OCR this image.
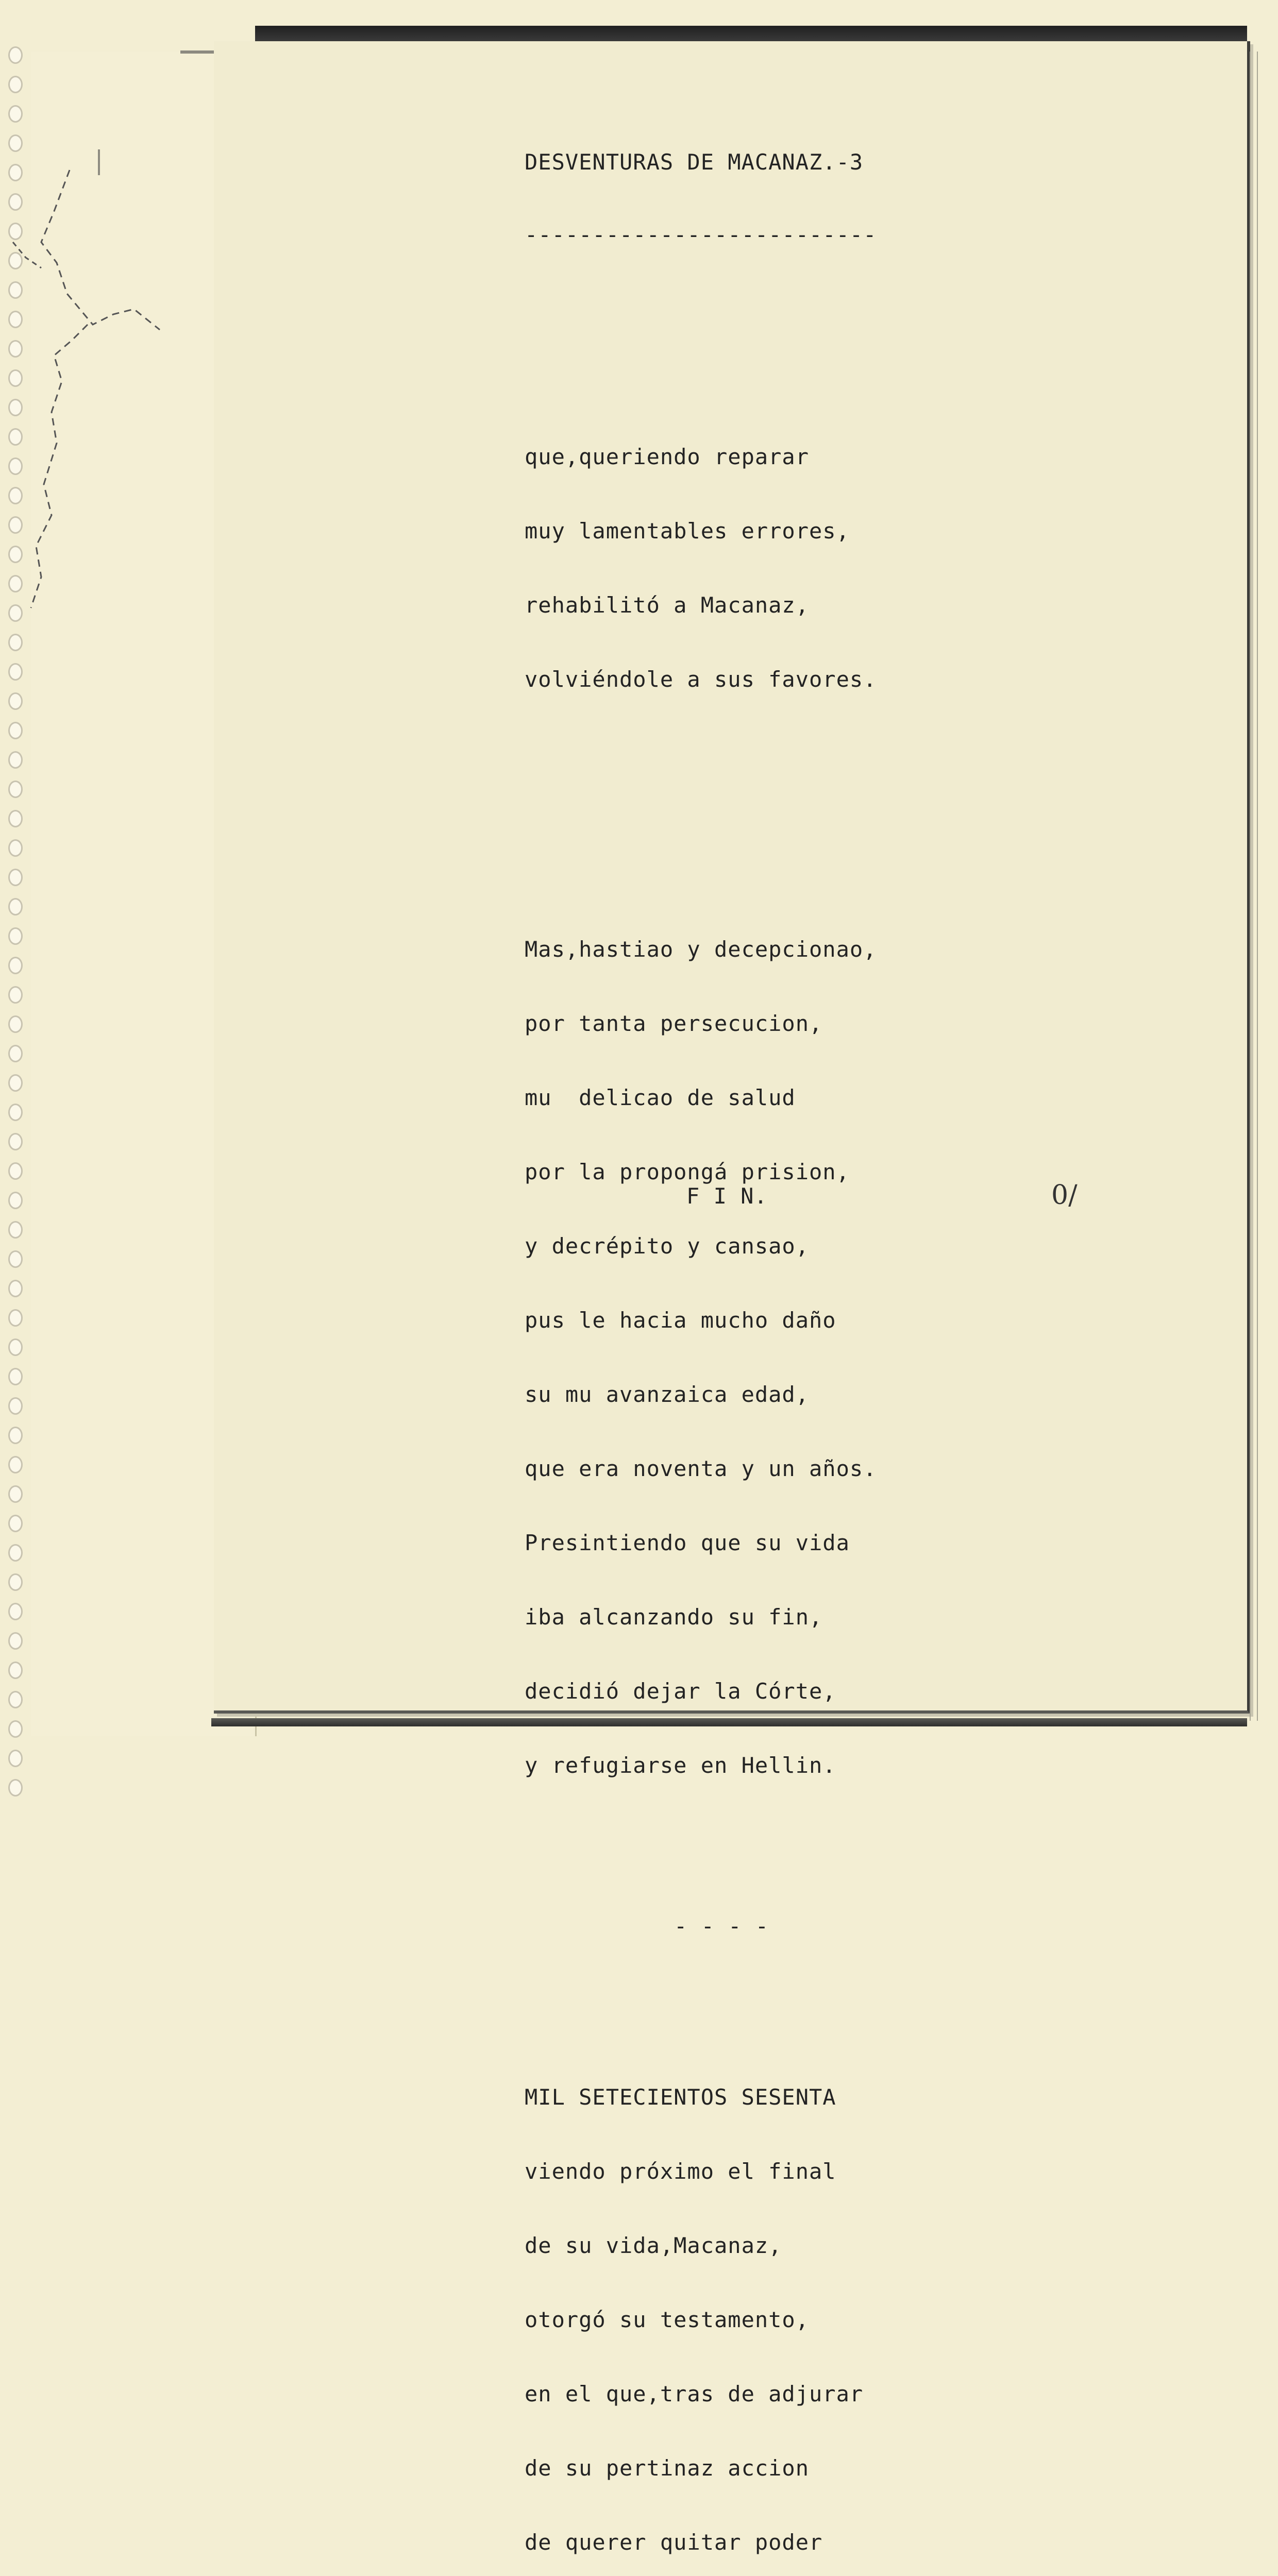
DESVENTURAS DE MACANAZ.-3

--------------------------

que,queriendo reparar

muy lamentables errores,

rehabilitó a Macanaz,

volviéndole a sus favores.

Mas,hastiao y decepcionao,

por tanta persecucion,

mu  delicao de salud

por la propongá prision,

y decrépito y cansao,

pus le hacia mucho daño

su mu avanzaica edad,

que era noventa y un años.

Presintiendo que su vida

iba alcanzando su fin,

decidió dejar la Córte,

y refugiarse en Hellin.

- - - -

MIL SETECIENTOS SESENTA

viendo próximo el final

de su vida,Macanaz,

otorgó su testamento,

en el que,tras de adjurar

de su pertinaz accion

de querer quitar poder

F I N.	0/
